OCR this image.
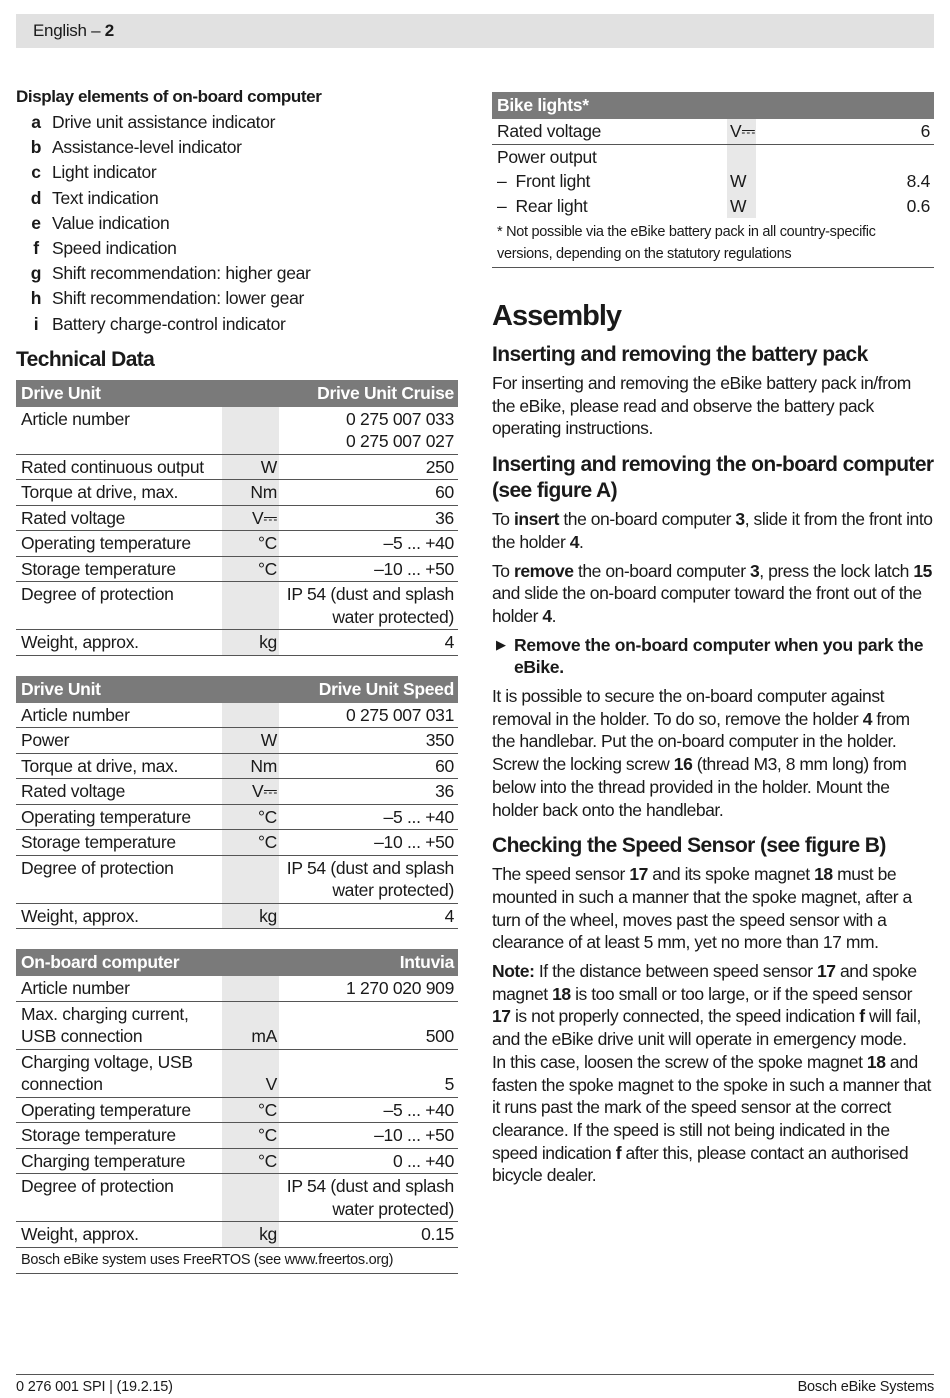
English – 2
Display elements of on-board computer
a Drive unit assistance indicator
b Assistance-level indicator
c Light indicator
d Text indication
e Value indication
f Speed indication
g Shift recommendation: higher gear
h Shift recommendation: lower gear
i Battery charge-control indicator
Technical Data
Drive Unit		Drive Unit Cruise
Article number		0 275 007 033
0 275 007 027
Rated continuous output	W	250
Torque at drive, max.	Nm	60
Rated voltage	V⎓	36
Operating temperature	°C	–5 ... +40
Storage temperature	°C	–10 ... +50
Degree of protection		IP 54 (dust and splash water protected)
Weight, approx.	kg	4
Drive Unit		Drive Unit Speed
Article number		0 275 007 031
Power	W	350
Torque at drive, max.	Nm	60
Rated voltage	V⎓	36
Operating temperature	°C	–5 ... +40
Storage temperature	°C	–10 ... +50
Degree of protection		IP 54 (dust and splash water protected)
Weight, approx.	kg	4
On-board computer		Intuvia
Article number		1 270 020 909
Max. charging current, USB connection	mA	500
Charging voltage, USB connection	V	5
Operating temperature	°C	–5 ... +40
Storage temperature	°C	–10 ... +50
Charging temperature	°C	0 ... +40
Degree of protection		IP 54 (dust and splash water protected)
Weight, approx.	kg	0.15
Bosch eBike system uses FreeRTOS (see www.freertos.org)		
Bike lights*		
Rated voltage	V⎓	6
Power output		
–  Front light	W	8.4
–  Rear light	W	0.6
* Not possible via the eBike battery pack in all country-specific versions, depending on the statutory regulations		
Assembly
Inserting and removing the battery pack

For inserting and removing the eBike battery pack in/from the eBike, please read and observe the battery pack operating instructions.

Inserting and removing the on-board computer (see figure A)

To insert the on-board computer 3, slide it from the front into the holder 4.

To remove the on-board computer 3, press the lock latch 15 and slide the on-board computer toward the front out of the holder 4.

▶ Remove the on-board computer when you park the eBike.

It is possible to secure the on-board computer against removal in the holder. To do so, remove the holder 4 from the handlebar. Put the on-board computer in the holder. Screw the locking screw 16 (thread M3, 8 mm long) from below into the thread provided in the holder. Mount the holder back onto the handlebar.

Checking the Speed Sensor (see figure B)

The speed sensor 17 and its spoke magnet 18 must be mounted in such a manner that the spoke magnet, after a turn of the wheel, moves past the speed sensor with a clearance of at least 5 mm, yet no more than 17 mm.

Note: If the distance between speed sensor 17 and spoke magnet 18 is too small or too large, or if the speed sensor 17 is not properly connected, the speed indication f will fail, and the eBike drive unit will operate in emergency mode.

In this case, loosen the screw of the spoke magnet 18 and fasten the spoke magnet to the spoke in such a manner that it runs past the mark of the speed sensor at the correct clearance. If the speed is still not being indicated in the speed indication f after this, please contact an authorised bicycle dealer.

0 276 001 SPI | (19.2.15)	Bosch eBike Systems
